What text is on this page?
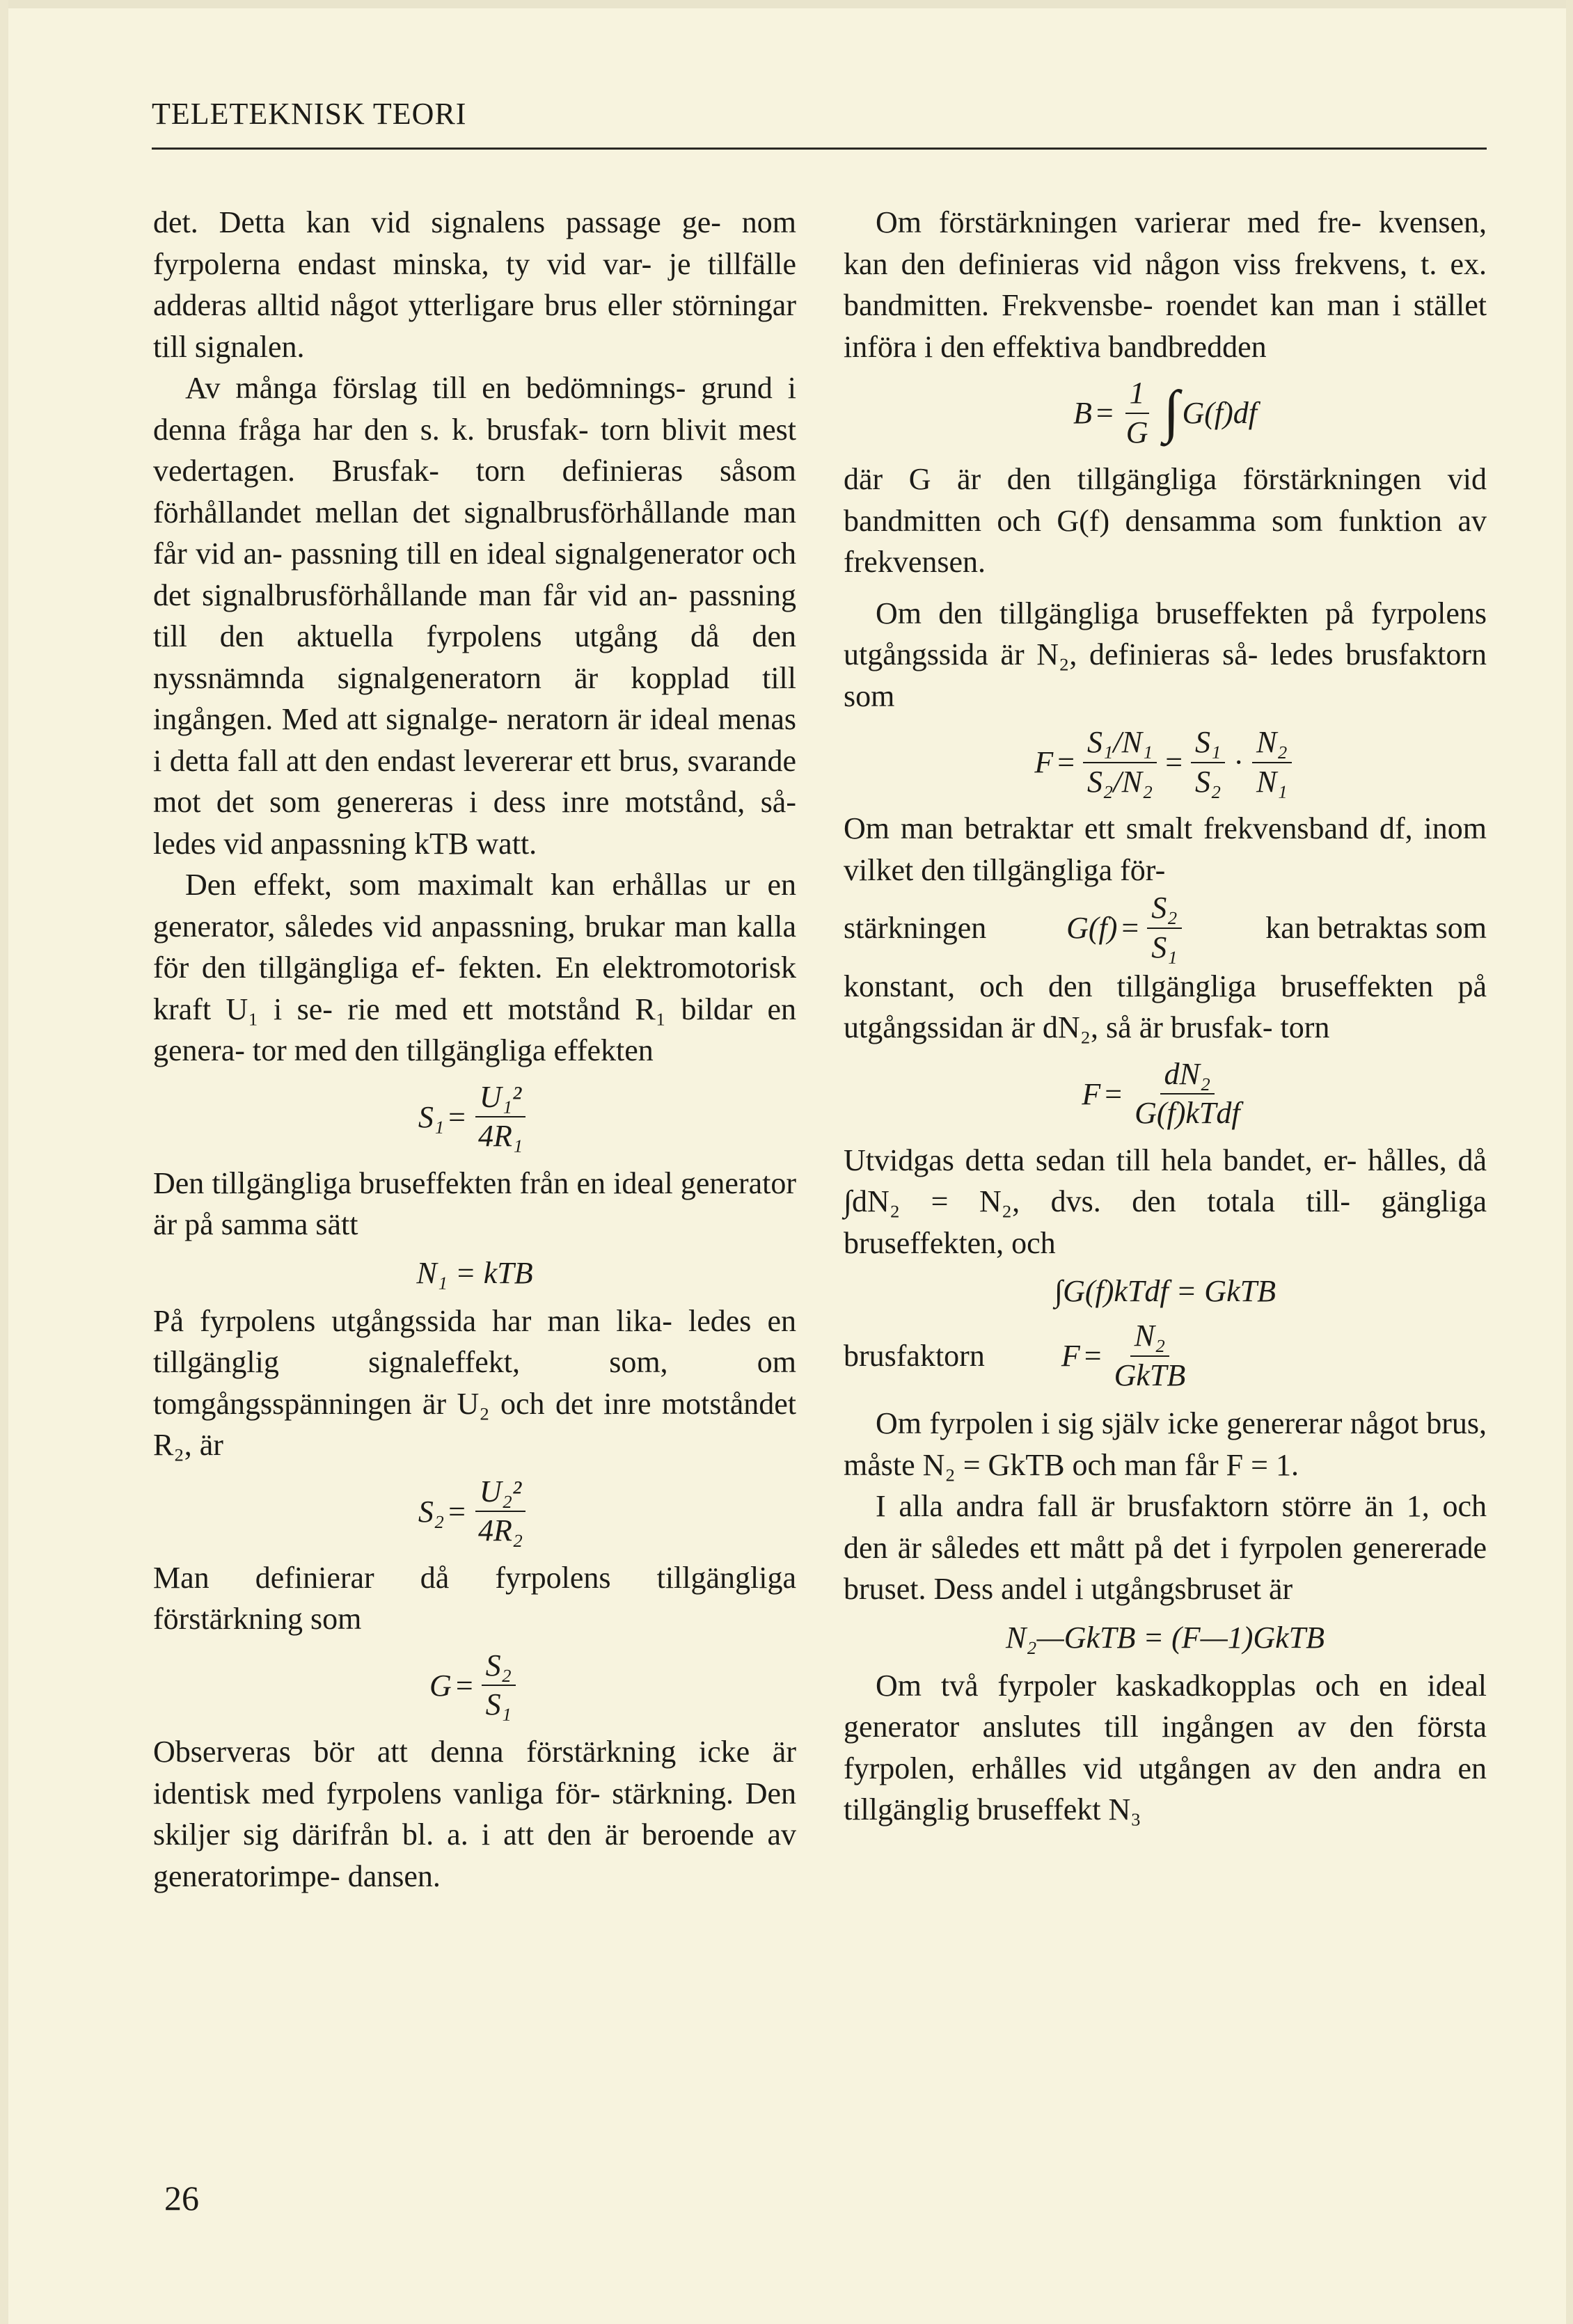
TELETEKNISK TEORI

det. Detta kan vid signalens passage ge- nom fyrpolerna endast minska, ty vid var- je tillfälle adderas alltid något ytterligare brus eller störningar till signalen.

Av många förslag till en bedömnings- grund i denna fråga har den s. k. brusfak- torn blivit mest vedertagen. Brusfak- torn definieras såsom förhållandet mellan det signalbrusförhållande man får vid an- passning till en ideal signalgenerator och det signalbrusförhållande man får vid an- passning till den aktuella fyrpolens utgång då den nyssnämnda signalgeneratorn är kopplad till ingången. Med att signalge- neratorn är ideal menas i detta fall att den endast levererar ett brus, svarande mot det som genereras i dess inre motstånd, så- ledes vid anpassning kTB watt.

Den effekt, som maximalt kan erhållas ur en generator, således vid anpassning, brukar man kalla för den tillgängliga ef- fekten. En elektromotorisk kraft U₁ i se- rie med ett motstånd R₁ bildar en genera- tor med den tillgängliga effekten

$S_1 = \frac{\text{U₁²}}{\text{4R₁}}$

Den tillgängliga bruseffekten från en ideal generator är på samma sätt

N₁ = kTB

På fyrpolens utgångssida har man lika- ledes en tillgänglig signaleffekt, som, om tomgångsspänningen är U₂ och det inre motståndet R₂, är

$S_2 = \frac{\text{U₂²}}{\text{4R₂}}$

Man definierar då fyrpolens tillgängliga förstärkning som

$G = \frac{\text{S₂}}{\text{S₁}}$

Observeras bör att denna förstärkning icke är identisk med fyrpolens vanliga för- stärkning. Den skiljer sig därifrån bl. a. i att den är beroende av generatorimpe- dansen.

Om förstärkningen varierar med fre- kvensen, kan den definieras vid någon viss frekvens, t. ex. bandmitten. Frekvensbe- roendet kan man i stället införa i den effektiva bandbredden

$B = \frac{1}{G}$ ∫ G(f)df

där G är den tillgängliga förstärkningen vid bandmitten och G(f) densamma som funktion av frekvensen.

Om den tillgängliga bruseffekten på fyrpolens utgångssida är N₂, definieras så- ledes brusfaktorn som

$F = \frac{\text{S₁/N₁}}{\text{S₂/N₂}} = \frac{\text{S₁}}{\text{S₂}} \cdot \frac{\text{N₂}}{\text{N₁}}$

Om man betraktar ett smalt frekvensband df, inom vilket den tillgängliga för-

stärkningen	$G(f) = \frac{\text{S₂}}{\text{S₁}}$	kan betraktas som

konstant, och den tillgängliga bruseffekten på utgångssidan är dN₂, så är brusfak- torn

$F = \frac{\text{dN₂}}{\text{G(f)kTdf}}$

Utvidgas detta sedan till hela bandet, er- hålles, då ∫dN₂ = N₂, dvs. den totala till- gängliga bruseffekten, och

∫G(f)kTdf = GkTB
brusfaktorn	$F = \frac{\text{N₂}}{\text{GkTB}}$

Om fyrpolen i sig själv icke genererar något brus, måste N₂ = GkTB och man får F = 1.

I alla andra fall är brusfaktorn större än 1, och den är således ett mått på det i fyrpolen genererade bruset. Dess andel i utgångsbruset är

N₂—GkTB = (F—1)GkTB

Om två fyrpoler kaskadkopplas och en ideal generator anslutes till ingången av den första fyrpolen, erhålles vid utgången av den andra en tillgänglig bruseffekt N₃

26
